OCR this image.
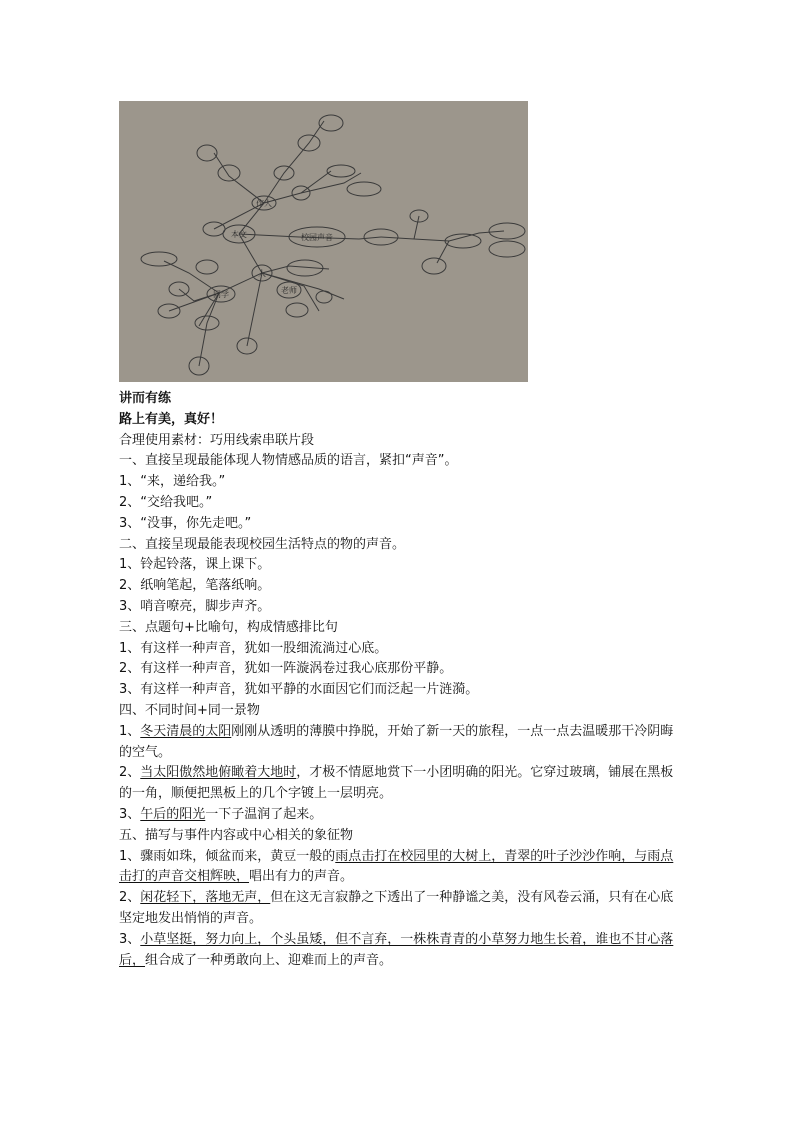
本文	校园声音
作人
人
同学	老师
讲而有练
路上有美，真好！
合理使用素材：巧用线索串联片段
一、直接呈现最能体现人物情感品质的语言，紧扣“声音”。
1、“来，递给我。”
2、“交给我吧。”
3、“没事，你先走吧。”
二、直接呈现最能表现校园生活特点的物的声音。
1、铃起铃落，课上课下。
2、纸响笔起，笔落纸响。
3、哨音嘹亮，脚步声齐。
三、点题句+比喻句，构成情感排比句
1、有这样一种声音，犹如一股细流淌过心底。
2、有这样一种声音，犹如一阵漩涡卷过我心底那份平静。
3、有这样一种声音，犹如平静的水面因它们而泛起一片涟漪。
四、不同时间+同一景物
1、冬天清晨的太阳刚刚从透明的薄膜中挣脱，开始了新一天的旅程，一点一点去温暖那干冷阴晦的空气。
2、当太阳傲然地俯瞰着大地时，才极不情愿地赏下一小团明确的阳光。它穿过玻璃，铺展在黑板的一角，顺便把黑板上的几个字镀上一层明亮。
3、午后的阳光一下子温润了起来。
五、描写与事件内容或中心相关的象征物
1、骤雨如珠，倾盆而来，黄豆一般的雨点击打在校园里的大树上，青翠的叶子沙沙作响，与雨点击打的声音交相辉映，唱出有力的声音。
2、闲花轻下，落地无声，但在这无言寂静之下透出了一种静谧之美，没有风卷云涌，只有在心底坚定地发出悄悄的声音。
3、小草坚挺，努力向上，个头虽矮，但不言弃，一株株青青的小草努力地生长着，谁也不甘心落后，组合成了一种勇敢向上、迎难而上的声音。
